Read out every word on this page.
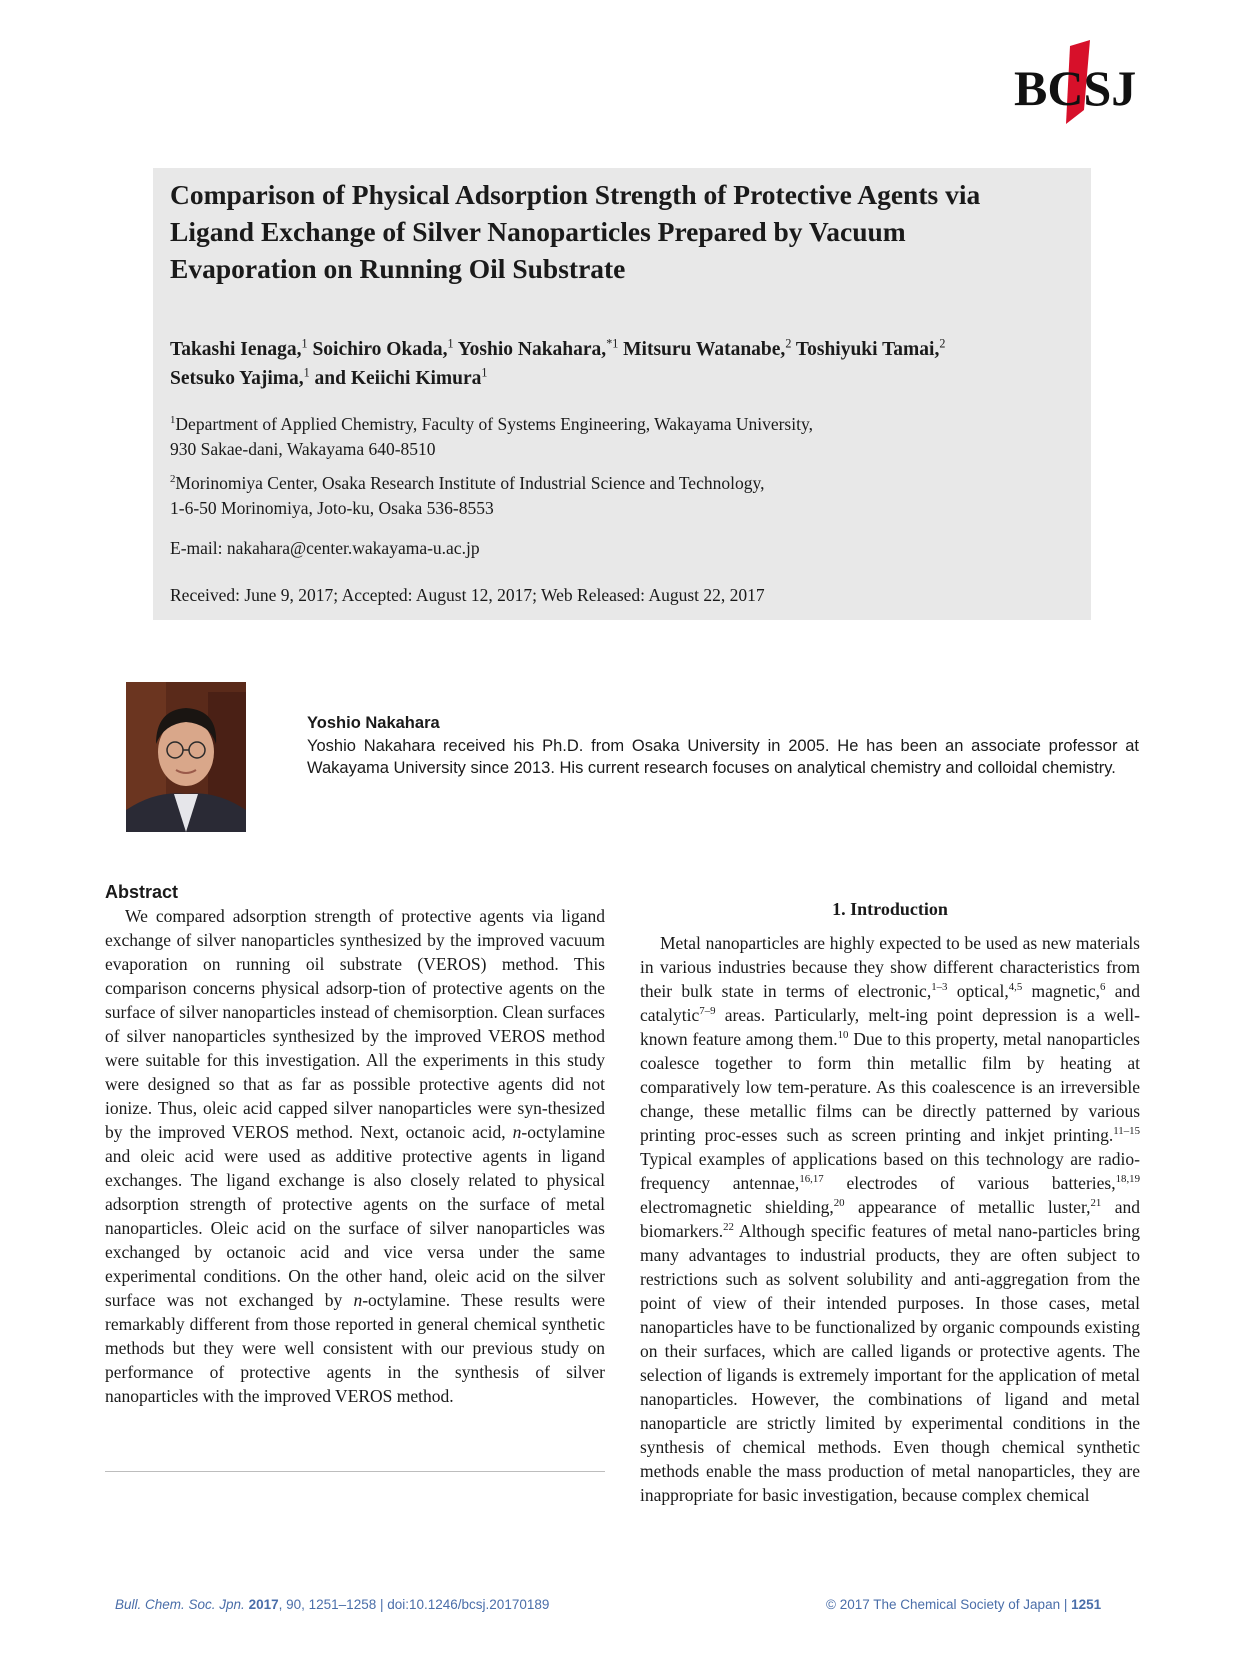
BCSJ
Comparison of Physical Adsorption Strength of Protective Agents via
Ligand Exchange of Silver Nanoparticles Prepared by Vacuum
Evaporation on Running Oil Substrate
Takashi Ienaga,$^1$ Soichiro Okada,$^1$ Yoshio Nakahara,$^{*1}$ Mitsuru Watanabe,$^2$ Toshiyuki Tamai,$^2$
Setsuko Yajima,$^1$ and Keiichi Kimura$^1$
$^1$Department of Applied Chemistry, Faculty of Systems Engineering, Wakayama University,
930 Sakae-dani, Wakayama 640-8510
$^2$Morinomiya Center, Osaka Research Institute of Industrial Science and Technology,
1-6-50 Morinomiya, Joto-ku, Osaka 536-8553
E-mail: nakahara@center.wakayama-u.ac.jp
Received: June 9, 2017; Accepted: August 12, 2017; Web Released: August 22, 2017
Yoshio Nakahara
Yoshio Nakahara received his Ph.D. from Osaka University in 2005. He has been an associate professor at Wakayama University since 2013. His current research focuses on analytical chemistry and colloidal chemistry.
Abstract

We compared adsorption strength of protective agents via ligand exchange of silver nanoparticles synthesized by the improved vacuum evaporation on running oil substrate (VEROS) method. This comparison concerns physical adsorp-tion of protective agents on the surface of silver nanoparticles instead of chemisorption. Clean surfaces of silver nanoparticles synthesized by the improved VEROS method were suitable for this investigation. All the experiments in this study were designed so that as far as possible protective agents did not ionize. Thus, oleic acid capped silver nanoparticles were syn-thesized by the improved VEROS method. Next, octanoic acid, n-octylamine and oleic acid were used as additive protective agents in ligand exchanges. The ligand exchange is also closely related to physical adsorption strength of protective agents on the surface of metal nanoparticles. Oleic acid on the surface of silver nanoparticles was exchanged by octanoic acid and vice versa under the same experimental conditions. On the other hand, oleic acid on the silver surface was not exchanged by n-octylamine. These results were remarkably different from those reported in general chemical synthetic methods but they were well consistent with our previous study on performance of protective agents in the synthesis of silver nanoparticles with the improved VEROS method.

1. Introduction

Metal nanoparticles are highly expected to be used as new materials in various industries because they show different characteristics from their bulk state in terms of electronic,$^{1-3}$ optical,$^{4,5}$ magnetic,$^6$ and catalytic$^{7-9}$ areas. Particularly, melt-ing point depression is a well-known feature among them.$^{10}$ Due to this property, metal nanoparticles coalesce together to form thin metallic film by heating at comparatively low tem-perature. As this coalescence is an irreversible change, these metallic films can be directly patterned by various printing proc-esses such as screen printing and inkjet printing.$^{11-15}$ Typical examples of applications based on this technology are radio-frequency antennae,$^{16,17}$ electrodes of various batteries,$^{18,19}$ electromagnetic shielding,$^{20}$ appearance of metallic luster,$^{21}$ and biomarkers.$^{22}$ Although specific features of metal nano-particles bring many advantages to industrial products, they are often subject to restrictions such as solvent solubility and anti-aggregation from the point of view of their intended purposes. In those cases, metal nanoparticles have to be functionalized by organic compounds existing on their surfaces, which are called ligands or protective agents. The selection of ligands is extremely important for the application of metal nanoparticles. However, the combinations of ligand and metal nanoparticle are strictly limited by experimental conditions in the synthesis of chemical methods. Even though chemical synthetic methods enable the mass production of metal nanoparticles, they are inappropriate for basic investigation, because complex chemical

Bull. Chem. Soc. Jpn. 2017, 90, 1251–1258 | doi:10.1246/bcsj.20170189	© 2017 The Chemical Society of Japan | 1251
